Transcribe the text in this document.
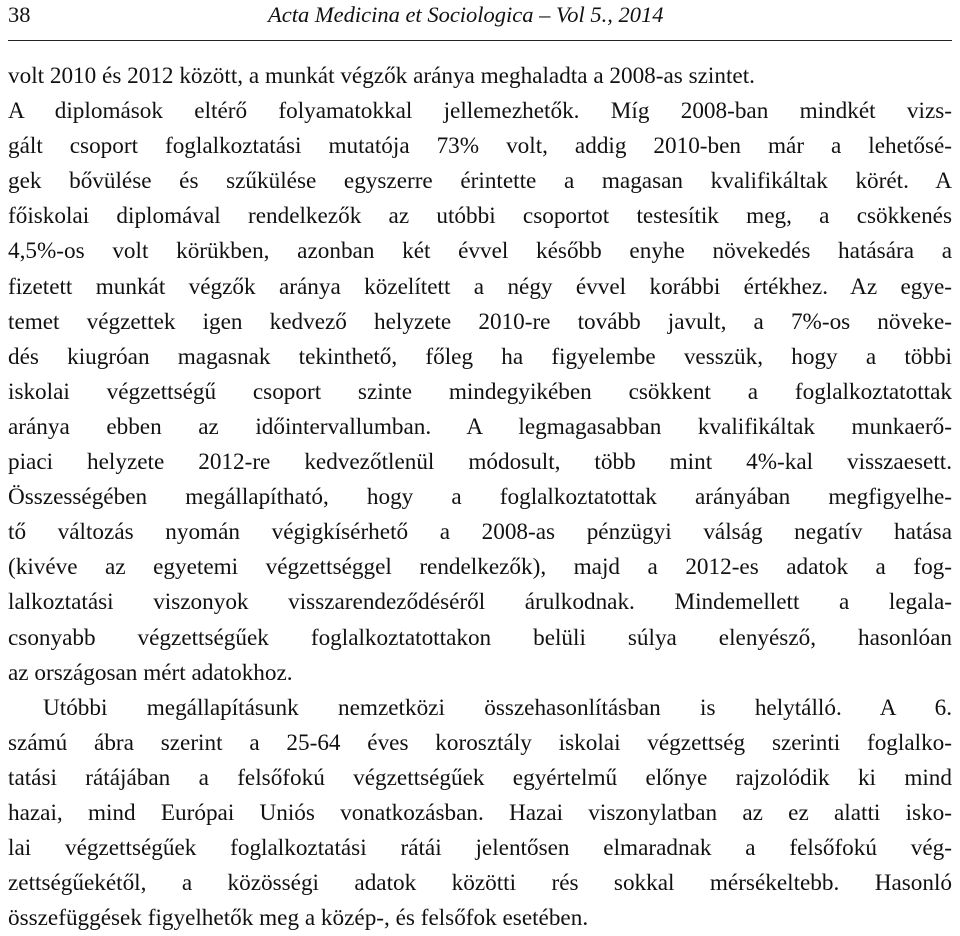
38	Acta Medicina et Sociologica – Vol 5., 2014
volt 2010 és 2012 között, a munkát végzők aránya meghaladta a 2008-as szintet.
A diplomások eltérő folyamatokkal jellemezhetők. Míg 2008-ban mindkét vizs-
gált csoport foglalkoztatási mutatója 73% volt, addig 2010-ben már a lehetősé-
gek bővülése és szűkülése egyszerre érintette a magasan kvalifikáltak körét. A
főiskolai diplomával rendelkezők az utóbbi csoportot testesítik meg, a csökkenés
4,5%-os volt körükben, azonban két évvel később enyhe növekedés hatására a
fizetett munkát végzők aránya közelített a négy évvel korábbi értékhez. Az egye-
temet végzettek igen kedvező helyzete 2010-re tovább javult, a 7%-os növeke-
dés kiugróan magasnak tekinthető, főleg ha figyelembe vesszük, hogy a többi
iskolai végzettségű csoport szinte mindegyikében csökkent a foglalkoztatottak
aránya ebben az időintervallumban. A legmagasabban kvalifikáltak munkaerő-
piaci helyzete 2012-re kedvezőtlenül módosult, több mint 4%-kal visszaesett.
Összességében megállapítható, hogy a foglalkoztatottak arányában megfigyelhe-
tő változás nyomán végigkísérhető a 2008-as pénzügyi válság negatív hatása
(kivéve az egyetemi végzettséggel rendelkezők), majd a 2012-es adatok a fog-
lalkoztatási viszonyok visszarendeződéséről árulkodnak. Mindemellett a legala-
csonyabb végzettségűek foglalkoztatottakon belüli súlya elenyésző, hasonlóan
az országosan mért adatokhoz.
Utóbbi megállapításunk nemzetközi összehasonlításban is helytálló. A 6.
számú ábra szerint a 25-64 éves korosztály iskolai végzettség szerinti foglalko-
tatási rátájában a felsőfokú végzettségűek egyértelmű előnye rajzolódik ki mind
hazai, mind Európai Uniós vonatkozásban. Hazai viszonylatban az ez alatti isko-
lai végzettségűek foglalkoztatási rátái jelentősen elmaradnak a felsőfokú vég-
zettségűekétől, a közösségi adatok közötti rés sokkal mérsékeltebb. Hasonló
összefüggések figyelhetők meg a közép-, és felsőfok esetében.
